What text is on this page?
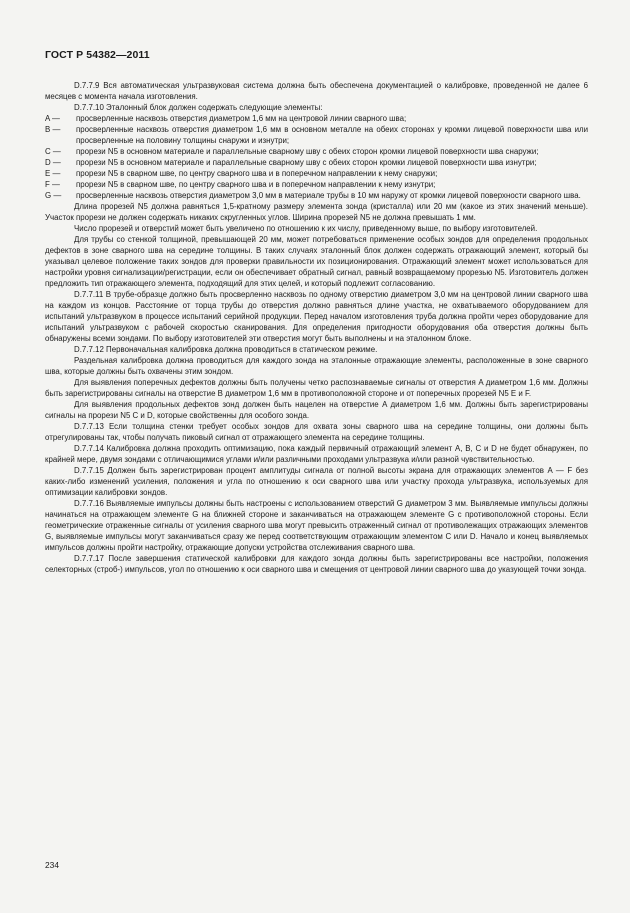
ГОСТ Р 54382—2011

D.7.7.9 Вся автоматическая ультразвуковая система должна быть обеспечена документацией о калибровке, проведенной не далее 6 месяцев с момента начала изготовления.

D.7.7.10 Эталонный блок должен содержать следующие элементы:

A — просверленные насквозь отверстия диаметром 1,6 мм на центровой линии сварного шва;

B — просверленные насквозь отверстия диаметром 1,6 мм в основном металле на обеих сторонах у кромки лицевой поверхности шва или просверленные на половину толщины снаружи и изнутри;

C — прорези N5 в основном материале и параллельные сварному шву с обеих сторон кромки лицевой поверхности шва снаружи;

D — прорези N5 в основном материале и параллельные сварному шву с обеих сторон кромки лицевой поверхности шва изнутри;

E — прорези N5 в сварном шве, по центру сварного шва и в поперечном направлении к нему снаружи;

F — прорези N5 в сварном шве, по центру сварного шва и в поперечном направлении к нему изнутри;

G — просверленные насквозь отверстия диаметром 3,0 мм в материале трубы в 10 мм наружу от кромки лицевой поверхности сварного шва.

Длина прорезей N5 должна равняться 1,5-кратному размеру элемента зонда (кристалла) или 20 мм (какое из этих значений меньше). Участок прорези не должен содержать никаких скругленных углов. Ширина прорезей N5 не должна превышать 1 мм.

Число прорезей и отверстий может быть увеличено по отношению к их числу, приведенному выше, по выбору изготовителей.

Для трубы со стенкой толщиной, превышающей 20 мм, может потребоваться применение особых зондов для определения продольных дефектов в зоне сварного шва на середине толщины. В таких случаях эталонный блок должен содержать отражающий элемент, который бы указывал целевое положение таких зондов для проверки правильности их позиционирования. Отражающий элемент может использоваться для настройки уровня сигнализации/регистрации, если он обеспечивает обратный сигнал, равный возвращаемому прорезью N5. Изготовитель должен предложить тип отражающего элемента, подходящий для этих целей, и который подлежит согласованию.

D.7.7.11 В трубе-образце должно быть просверленно насквозь по одному отверстию диаметром 3,0 мм на центровой линии сварного шва на каждом из концов. Расстояние от торца трубы до отверстия должно равняться длине участка, не охватываемого оборудованием для испытаний ультразвуком в процессе испытаний серийной продукции. Перед началом изготовления труба должна пройти через оборудование для испытаний ультразвуком с рабочей скоростью сканирования. Для определения пригодности оборудования оба отверстия должны быть обнаружены всеми зондами. По выбору изготовителей эти отверстия могут быть выполнены и на эталонном блоке.

D.7.7.12 Первоначальная калибровка должна проводиться в статическом режиме.

Раздельная калибровка должна проводиться для каждого зонда на эталонные отражающие элементы, расположенные в зоне сварного шва, которые должны быть охвачены этим зондом.

Для выявления поперечных дефектов должны быть получены четко распознаваемые сигналы от отверстия A диаметром 1,6 мм. Должны быть зарегистрированы сигналы на отверстие B диаметром 1,6 мм в противоположной стороне и от поперечных прорезей N5 E и F.

Для выявления продольных дефектов зонд должен быть нацелен на отверстие A диаметром 1,6 мм. Должны быть зарегистрированы сигналы на прорези N5 C и D, которые свойственны для особого зонда.

D.7.7.13 Если толщина стенки требует особых зондов для охвата зоны сварного шва на середине толщины, они должны быть отрегулированы так, чтобы получать пиковый сигнал от отражающего элемента на середине толщины.

D.7.7.14 Калибровка должна проходить оптимизацию, пока каждый первичный отражающий элемент A, B, C и D не будет обнаружен, по крайней мере, двумя зондами с отличающимися углами и/или различными проходами ультразвука и/или разной чувствительностью.

D.7.7.15 Должен быть зарегистрирован процент амплитуды сигнала от полной высоты экрана для отражающих элементов A — F без каких-либо изменений усиления, положения и угла по отношению к оси сварного шва или участку прохода ультразвука, используемых для оптимизации калибровки зондов.

D.7.7.16 Выявляемые импульсы должны быть настроены с использованием отверстий G диаметром 3 мм. Выявляемые импульсы должны начинаться на отражающем элементе G на ближней стороне и заканчиваться на отражающем элементе G с противоположной стороны. Если геометрические отраженные сигналы от усиления сварного шва могут превысить отраженный сигнал от противолежащих отражающих элементов G, выявляемые импульсы могут заканчиваться сразу же перед соответствующим отражающим элементом C или D. Начало и конец выявляемых импульсов должны пройти настройку, отражающие допуски устройства отслеживания сварного шва.

D.7.7.17 После завершения статической калибровки для каждого зонда должны быть зарегистрированы все настройки, положения селекторных (строб-) импульсов, угол по отношению к оси сварного шва и смещения от центровой линии сварного шва до указующей точки зонда.

234
